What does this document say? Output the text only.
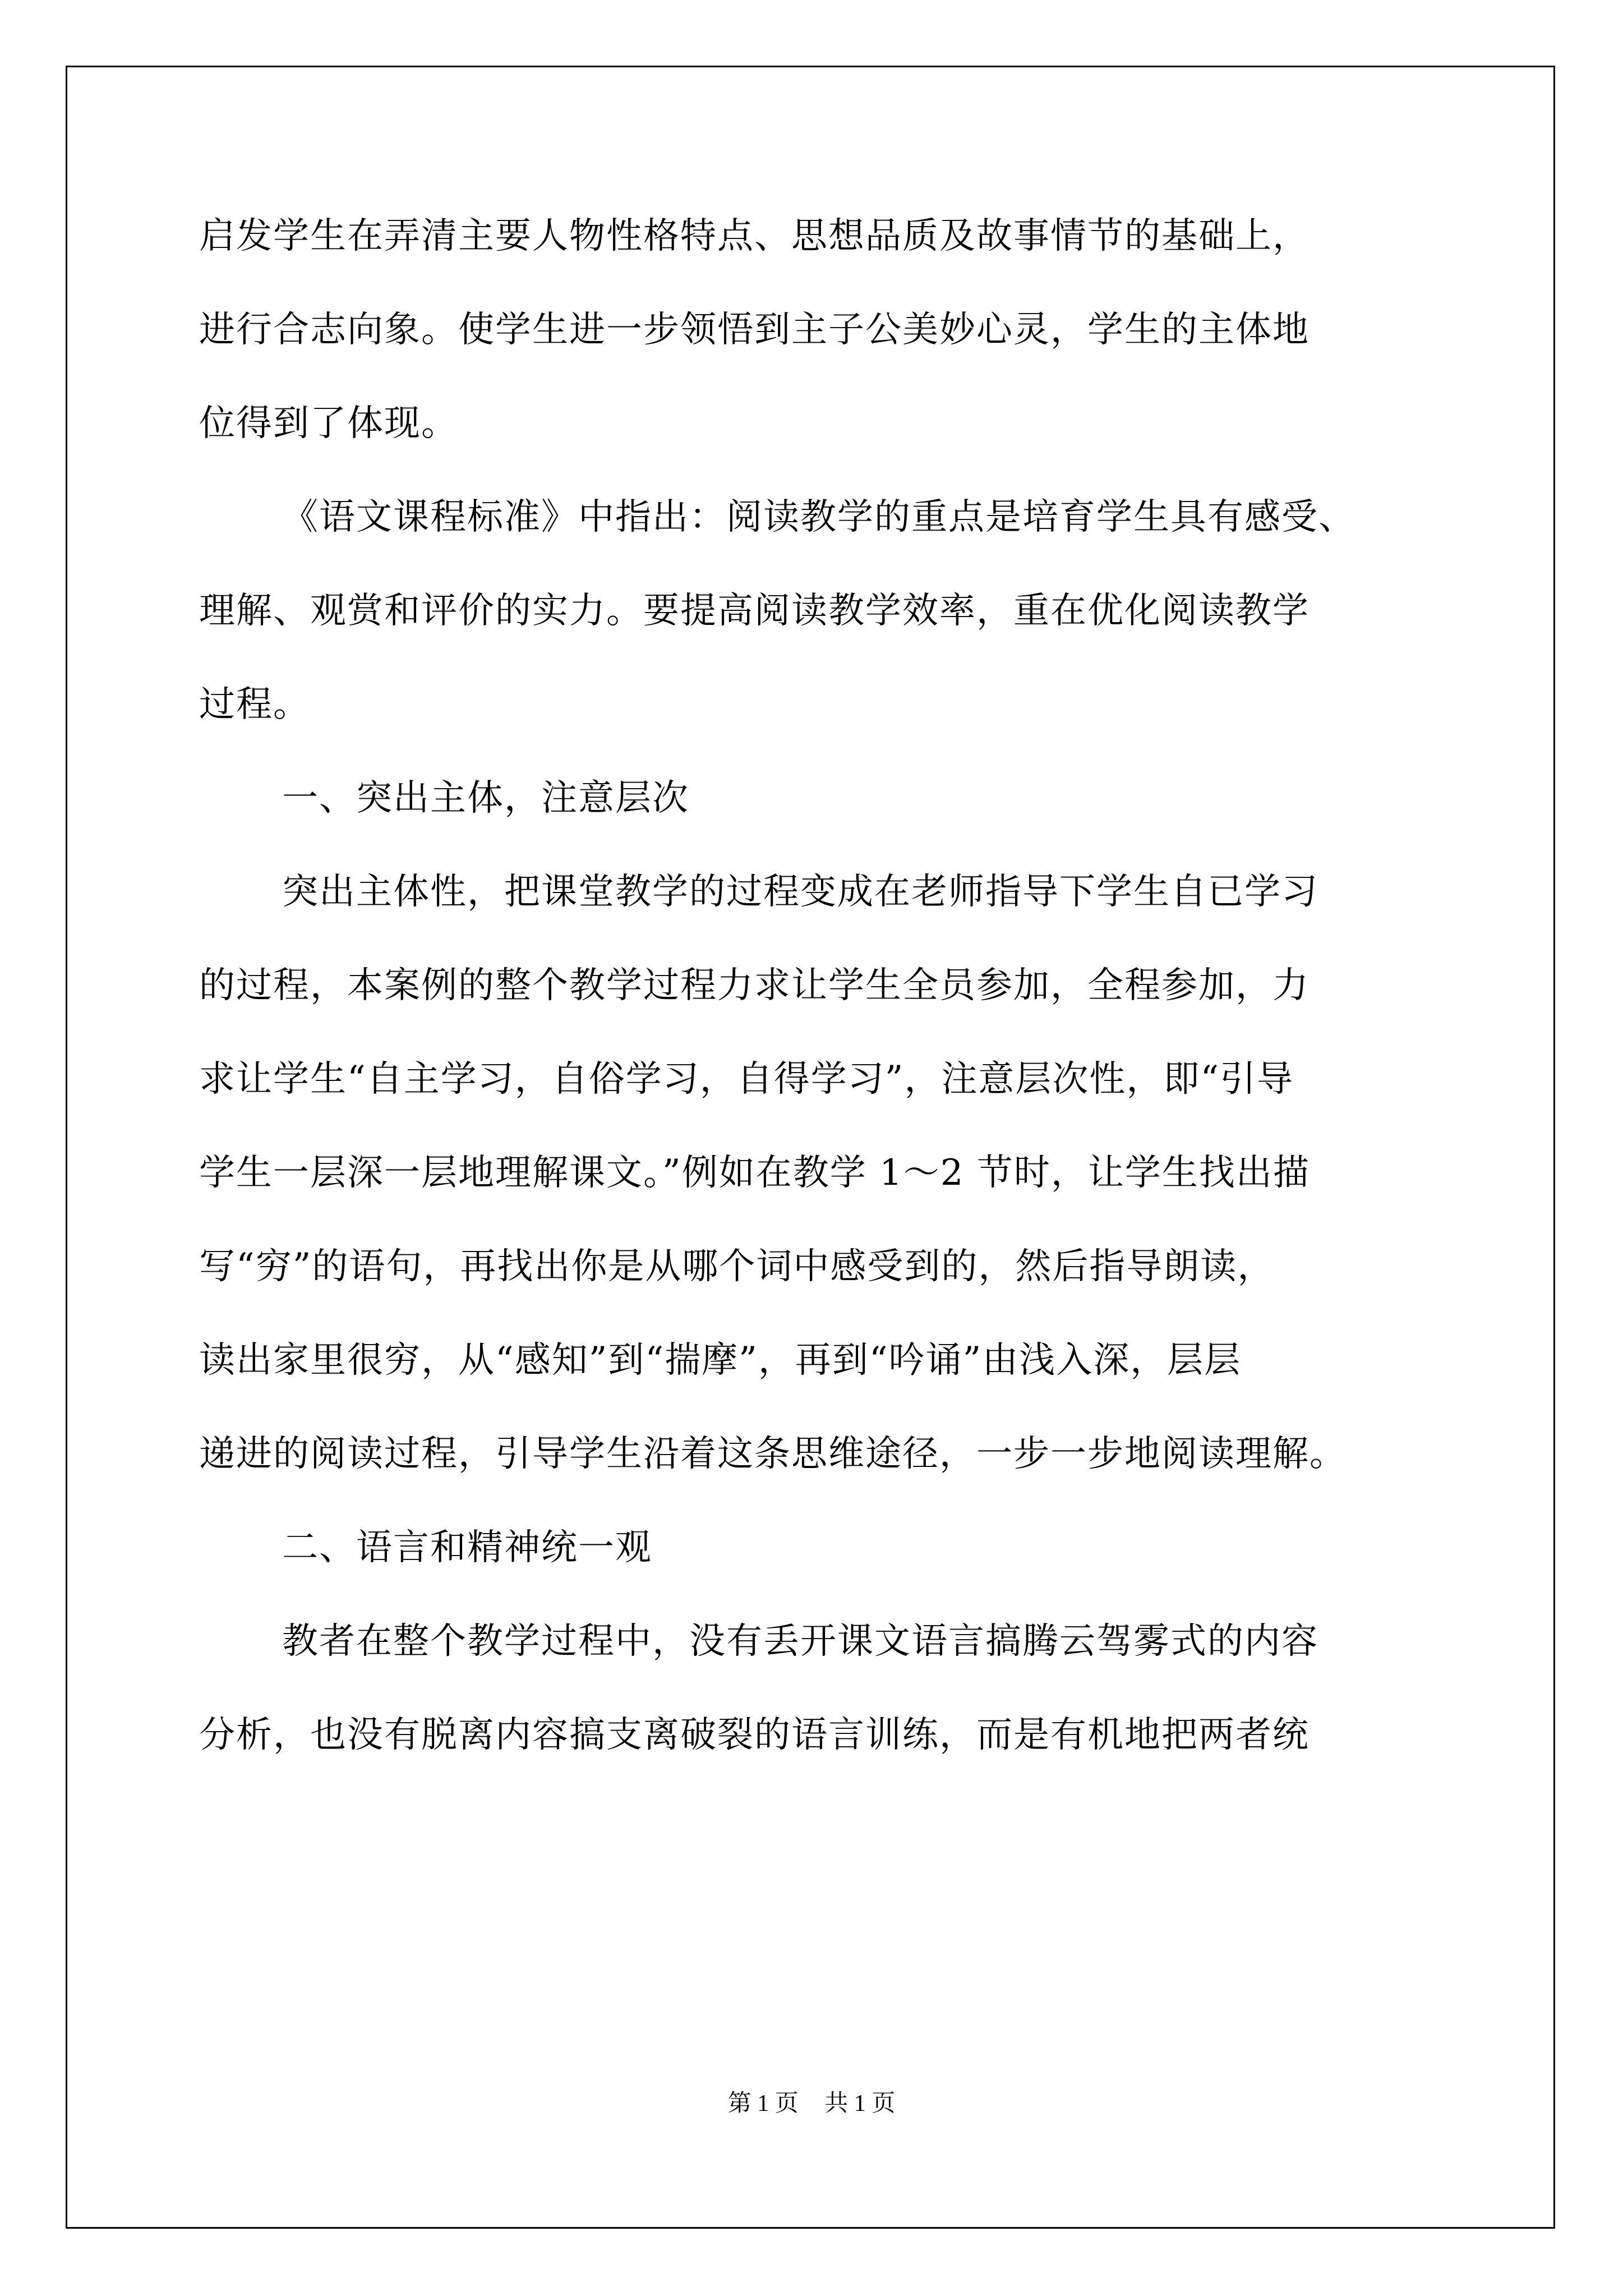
启发学生在弄清主要人物性格特点、思想品质及故事情节的基础上，
进行合志向象。使学生进一步领悟到主子公美妙心灵，学生的主体地
位得到了体现。
《语文课程标准》中指出：阅读教学的重点是培育学生具有感受、
理解、观赏和评价的实力。要提高阅读教学效率，重在优化阅读教学
过程。
一、突出主体，注意层次
突出主体性，把课堂教学的过程变成在老师指导下学生自已学习
的过程，本案例的整个教学过程力求让学生全员参加，全程参加，力
求让学生“自主学习，自俗学习，自得学习”，注意层次性，即“引导
学生一层深一层地理解课文。”例如在教学 1～2 节时，让学生找出描
写“穷”的语句，再找出你是从哪个词中感受到的，然后指导朗读，
读出家里很穷，从“感知”到“揣摩”，再到“吟诵”由浅入深，层层
递进的阅读过程，引导学生沿着这条思维途径，一步一步地阅读理解。
二、语言和精神统一观
教者在整个教学过程中，没有丢开课文语言搞腾云驾雾式的内容
分析，也没有脱离内容搞支离破裂的语言训练，而是有机地把两者统
第 1 页 共 1 页
